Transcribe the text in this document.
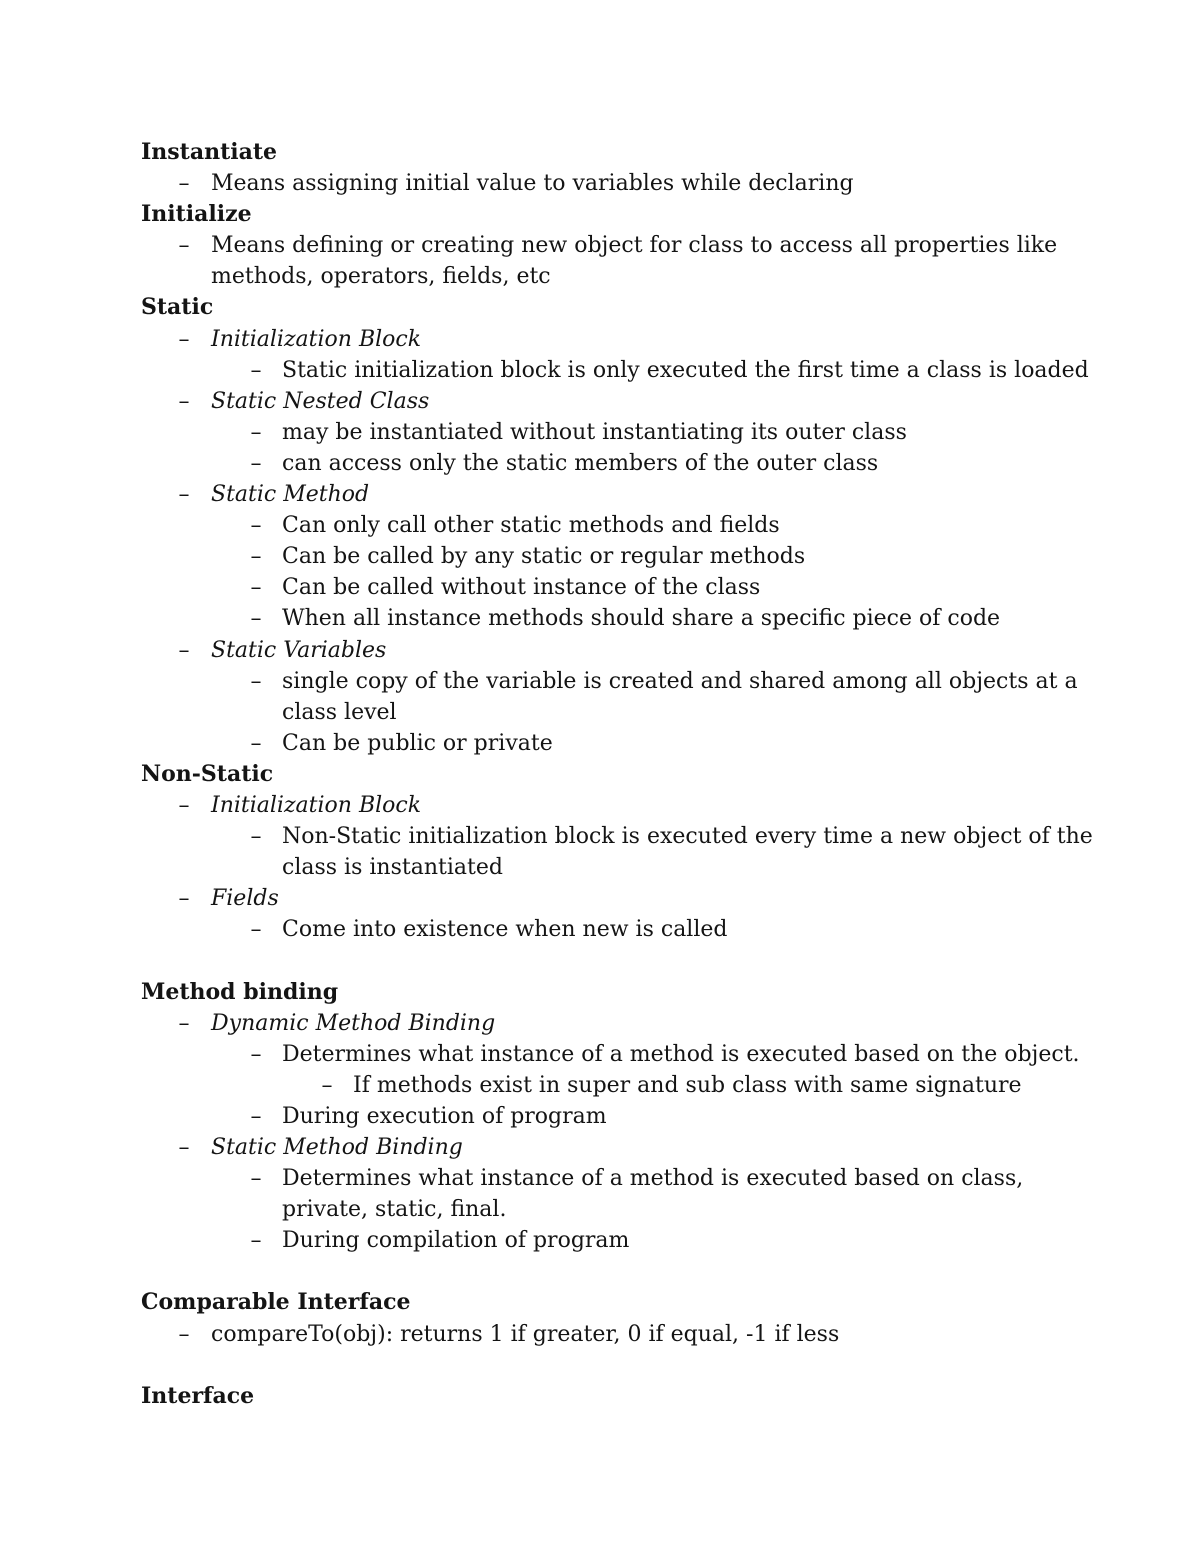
Instantiate
– Means assigning initial value to variables while declaring
Initialize
– Means defining or creating new object for class to access all properties like
methods, operators, fields, etc
Static
– Initialization Block
– Static initialization block is only executed the first time a class is loaded
– Static Nested Class
– may be instantiated without instantiating its outer class
– can access only the static members of the outer class
– Static Method
– Can only call other static methods and fields
– Can be called by any static or regular methods
– Can be called without instance of the class
– When all instance methods should share a specific piece of code
– Static Variables
– single copy of the variable is created and shared among all objects at a
class level
– Can be public or private
Non-Static
– Initialization Block
– Non-Static initialization block is executed every time a new object of the
class is instantiated
– Fields
– Come into existence when new is called
Method binding
– Dynamic Method Binding
– Determines what instance of a method is executed based on the object.
– If methods exist in super and sub class with same signature
– During execution of program
– Static Method Binding
– Determines what instance of a method is executed based on class,
private, static, final.
– During compilation of program
Comparable Interface
– compareTo(obj): returns 1 if greater, 0 if equal, -1 if less
Interface
